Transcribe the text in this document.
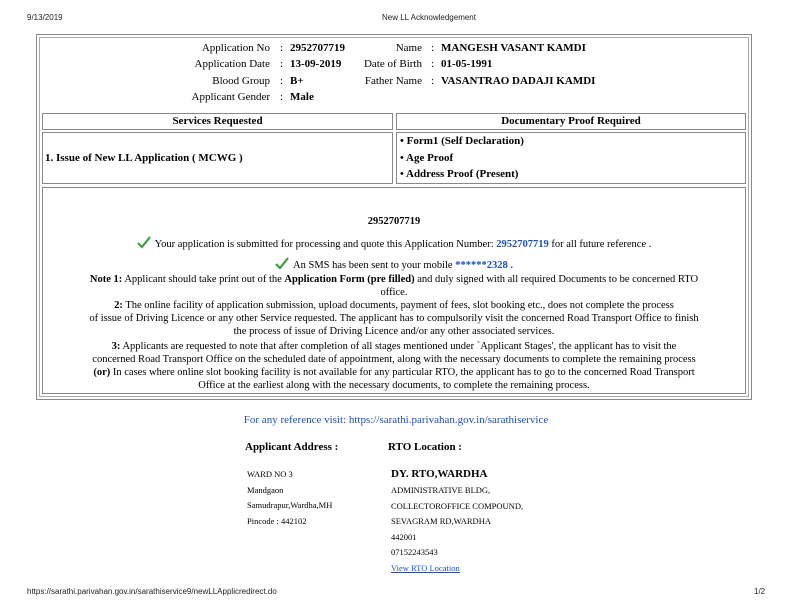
9/13/2019	New LL Acknowledgement
Application No : 2952707719
Application Date : 13-09-2019
Blood Group : B+
Applicant Gender : Male
Name : MANGESH VASANT KAMDI
Date of Birth : 01-05-1991
Father Name : VASANTRAO DADAJI KAMDI
Services Requested	Documentary Proof Required
1. Issue of New LL Application ( MCWG )
• Form1 (Self Declaration)
• Age Proof
• Address Proof (Present)
2952707719
Your application is submitted for processing and quote this Application Number: 2952707719 for all future reference .
An SMS has been sent to your mobile ******2328 .
Note 1: Applicant should take print out of the Application Form (pre filled) and duly signed with all required Documents to be concerned RTO
office.
2: The online facility of application submission, upload documents, payment of fees, slot booking etc., does not complete the process
of issue of Driving Licence or any other Service requested. The applicant has to compulsorily visit the concerned Road Transport Office to finish
the process of issue of Driving Licence and/or any other associated services.
3: Applicants are requested to note that after completion of all stages mentioned under `Applicant Stages', the applicant has to visit the
concerned Road Transport Office on the scheduled date of appointment, along with the necessary documents to complete the remaining process
(or) In cases where online slot booking facility is not available for any particular RTO, the applicant has to go to the concerned Road Transport
Office at the earliest along with the necessary documents, to complete the remaining process.
For any reference visit: https://sarathi.parivahan.gov.in/sarathiservice
Applicant Address :	RTO Location :
WARD NO 3
Mandgaon
Samudrapur,Wardha,MH
Pincode : 442102
DY. RTO,WARDHA
ADMINISTRATIVE BLDG,
COLLECTOROFFICE COMPOUND,
SEVAGRAM RD,WARDHA
442001
07152243543
View RTO Location
https://sarathi.parivahan.gov.in/sarathiservice9/newLLApplicredirect.do	1/2
